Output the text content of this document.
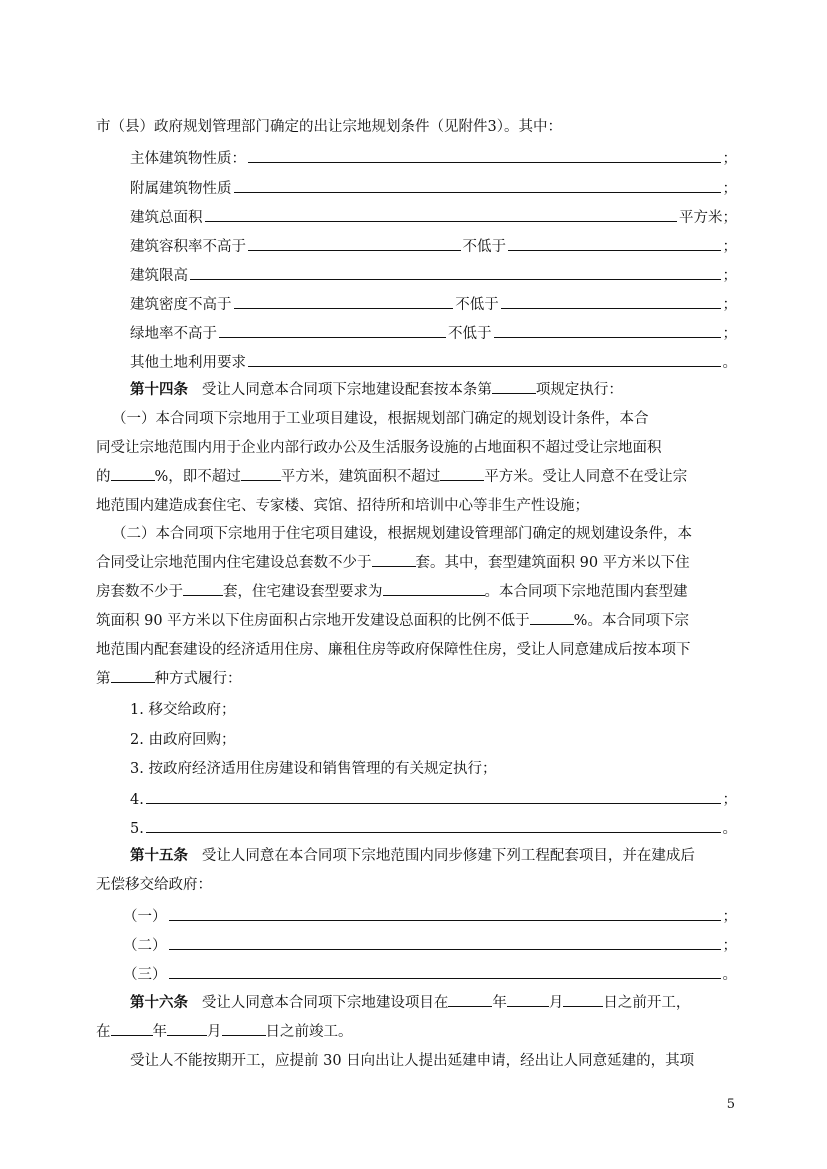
市（县）政府规划管理部门确定的出让宗地规划条件（见附件3）。其中：
主体建筑物性质：	；
附属建筑物性质	；
建筑总面积	平方米；
建筑容积率不高于	不低于	；
建筑限高	；
建筑密度不高于	不低于	；
绿地率不高于	不低于	；
其他土地利用要求	。
第十四条 受让人同意本合同项下宗地建设配套按本条第	项规定执行：
（一）本合同项下宗地用于工业项目建设，根据规划部门确定的规划设计条件，本合
同受让宗地范围内用于企业内部行政办公及生活服务设施的占地面积不超过受让宗地面积
的	%，即不超过	平方米，建筑面积不超过	平方米。受让人同意不在受让宗
地范围内建造成套住宅、专家楼、宾馆、招待所和培训中心等非生产性设施；
（二）本合同项下宗地用于住宅项目建设，根据规划建设管理部门确定的规划建设条件，本
合同受让宗地范围内住宅建设总套数不少于	套。其中，套型建筑面积 90 平方米以下住
房套数不少于	套，住宅建设套型要求为	。本合同项下宗地范围内套型建
筑面积 90 平方米以下住房面积占宗地开发建设总面积的比例不低于	%。本合同项下宗
地范围内配套建设的经济适用住房、廉租住房等政府保障性住房，受让人同意建成后按本项下
第	种方式履行：
1. 移交给政府；
2. 由政府回购；
3. 按政府经济适用住房建设和销售管理的有关规定执行；
4.	；
5.	。
第十五条 受让人同意在本合同项下宗地范围内同步修建下列工程配套项目，并在建成后
无偿移交给政府：
（一）	；
（二）	；
（三）	。
第十六条 受让人同意本合同项下宗地建设项目在	年	月	日之前开工，
在	年	月	日之前竣工。
受让人不能按期开工，应提前 30 日向出让人提出延建申请，经出让人同意延建的，其项
5
